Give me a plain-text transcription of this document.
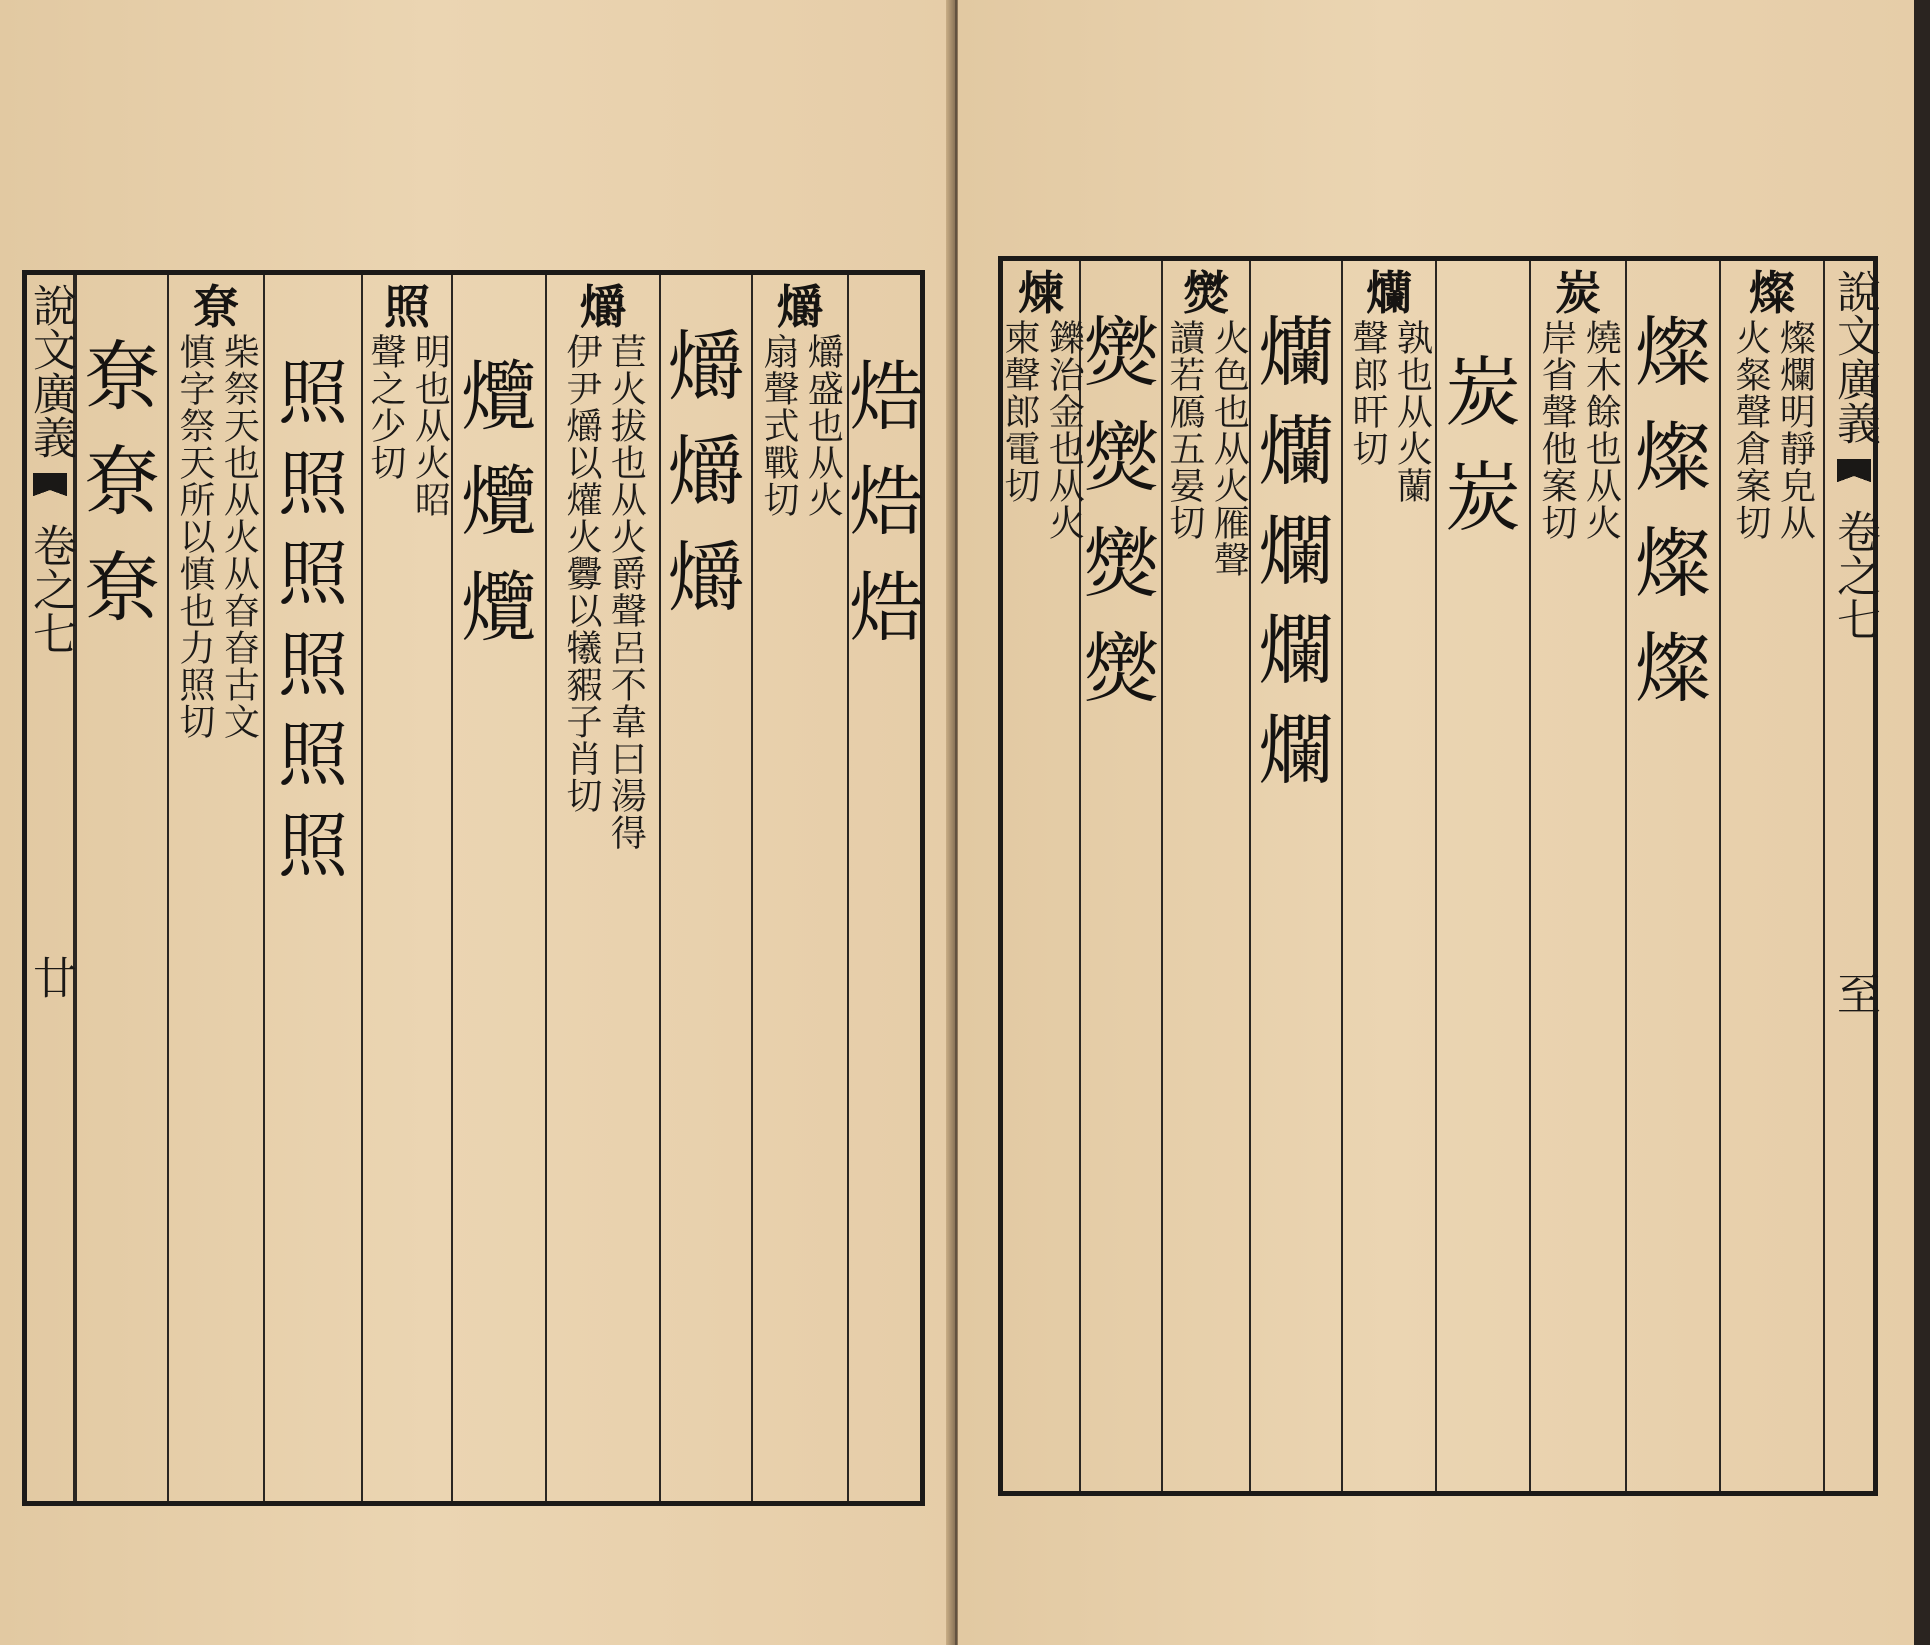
焅
焅
焅
爝
爝盛也从火
扇聲式戰切
爝
爝
爝
爝
苣火拔也从火爵聲呂不韋曰湯得
伊尹爝以爟火釁以犧豭子肖切
爦
爦
爦
照
明也从火昭
聲之少切
照
照
照
照
照
照
尞
柴祭天也从火从昚昚古文
慎字祭天所以慎也力照切
尞
尞
尞
說文廣義
卷之七
廿
說文廣義
卷之七
至
燦
燦爛明靜皃从
火粲聲倉案切
燦
燦
燦
燦
炭
燒木餘也从火
岸省聲他案切
炭
炭
爤
孰也从火蘭
聲郎旰切
爤
爤
爛
爛
爛
㸉
火色也从火雁聲
讀若鴈五晏切
㸉
㸉
㸉
㸉
煉
鑠治金也从火
柬聲郎電切
